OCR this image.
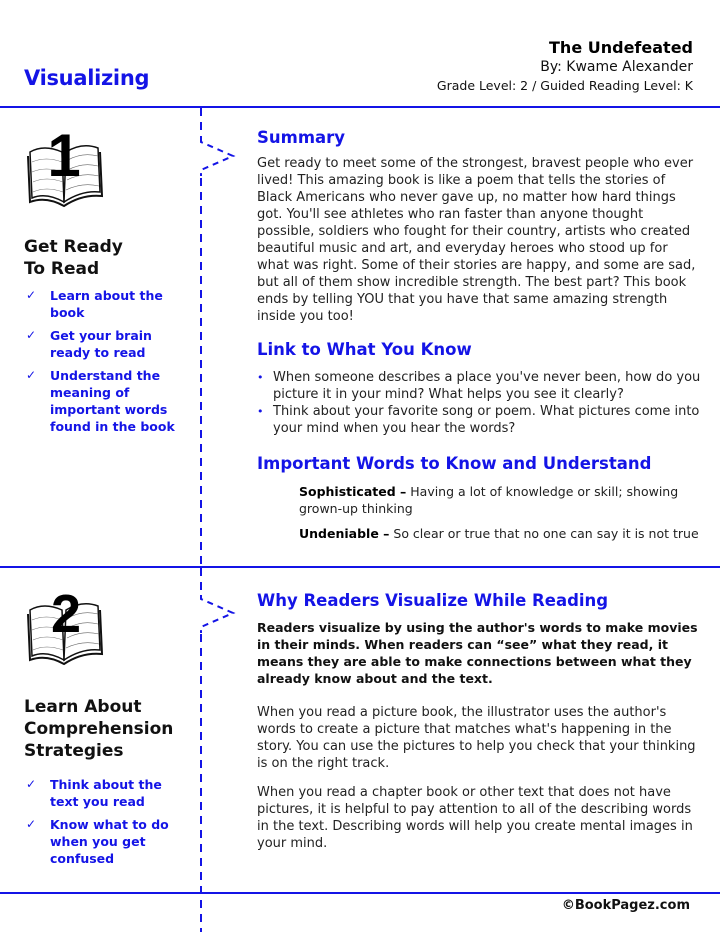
Visualizing
The Undefeated
By: Kwame Alexander
Grade Level: 2 / Guided Reading Level: K
1
Get Ready
To Read
✓ Learn about the book
✓ Get your brain ready to read
✓ Understand the meaning of important words found in the book
Summary
Get ready to meet some of the strongest, bravest people who ever lived! This amazing book is like a poem that tells the stories of Black Americans who never gave up, no matter how hard things got. You'll see athletes who ran faster than anyone thought possible, soldiers who fought for their country, artists who created beautiful music and art, and everyday heroes who stood up for what was right. Some of their stories are happy, and some are sad, but all of them show incredible strength. The best part? This book ends by telling YOU that you have that same amazing strength inside you too!
Link to What You Know
• When someone describes a place you've never been, how do you picture it in your mind? What helps you see it clearly?
• Think about your favorite song or poem. What pictures come into your mind when you hear the words?
Important Words to Know and Understand

Sophisticated – Having a lot of knowledge or skill; showing grown-up thinking

Undeniable – So clear or true that no one can say it is not true

2
Learn About
Comprehension
Strategies
✓ Think about the text you read
✓ Know what to do when you get confused
Why Readers Visualize While Reading
Readers visualize by using the author's words to make movies in their minds. When readers can “see” what they read, it means they are able to make connections between what they already know about and the text.
When you read a picture book, the illustrator uses the author's words to create a picture that matches what's happening in the story. You can use the pictures to help you check that your thinking is on the right track.
When you read a chapter book or other text that does not have pictures, it is helpful to pay attention to all of the describing words in the text. Describing words will help you create mental images in your mind.
©BookPagez.com
